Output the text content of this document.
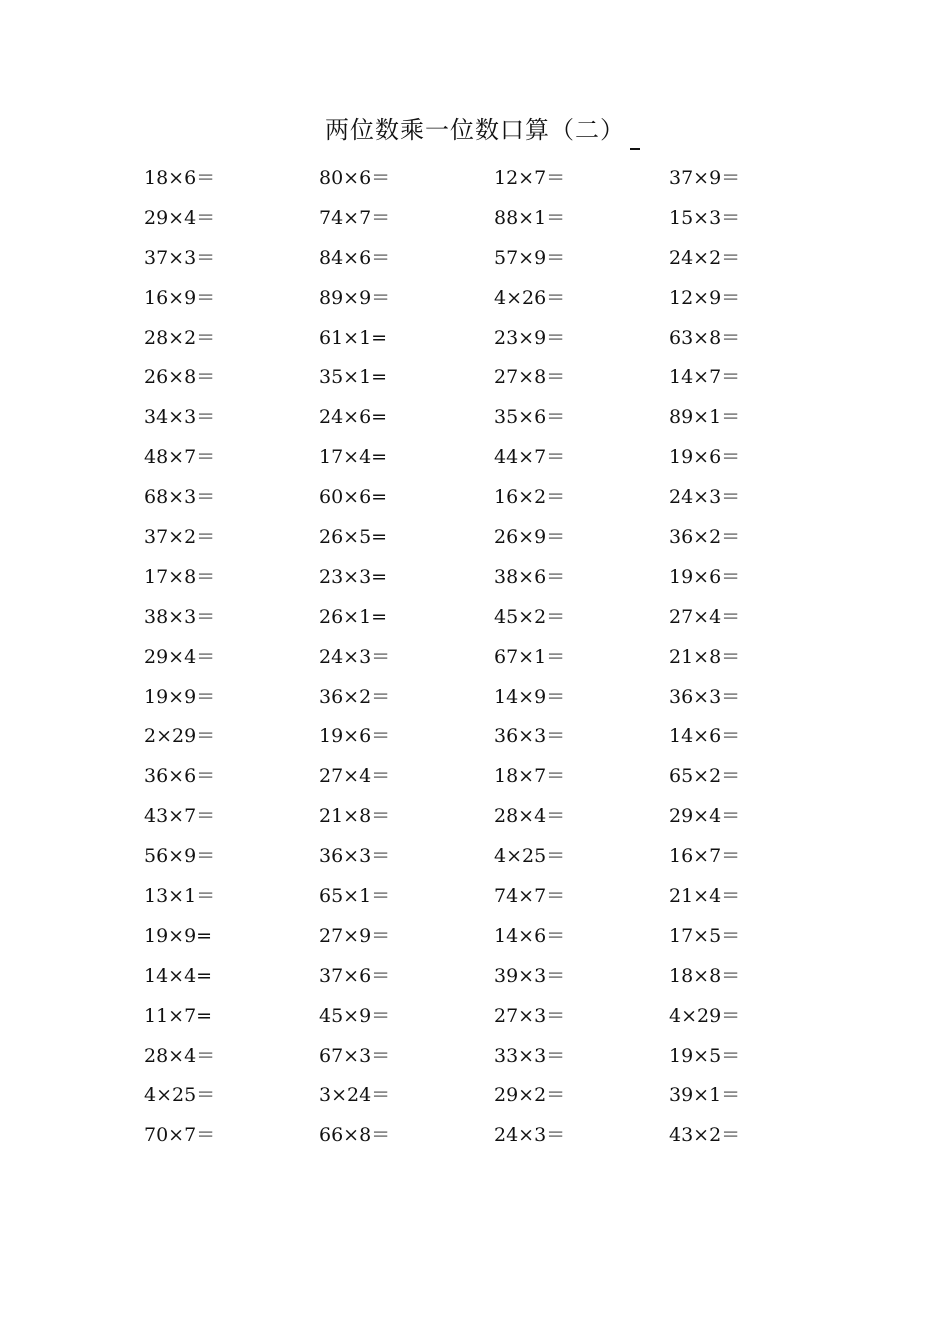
两位数乘一位数口算（二）
18×6＝	80×6＝	12×7＝	37×9＝
29×4＝	74×7＝	88×1＝	15×3＝
37×3＝	84×6＝	57×9＝	24×2＝
16×9＝	89×9＝	4×26＝	12×9＝
28×2＝	61×1=	23×9＝	63×8＝
26×8＝	35×1=	27×8＝	14×7＝
34×3＝	24×6=	35×6＝	89×1＝
48×7＝	17×4=	44×7＝	19×6＝
68×3＝	60×6=	16×2＝	24×3＝
37×2＝	26×5=	26×9＝	36×2＝
17×8＝	23×3=	38×6＝	19×6＝
38×3＝	26×1=	45×2＝	27×4＝
29×4＝	24×3＝	67×1＝	21×8＝
19×9＝	36×2＝	14×9＝	36×3＝
2×29＝	19×6＝	36×3＝	14×6＝
36×6＝	27×4＝	18×7＝	65×2＝
43×7＝	21×8＝	28×4＝	29×4＝
56×9＝	36×3＝	4×25＝	16×7＝
13×1＝	65×1＝	74×7＝	21×4＝
19×9=	27×9＝	14×6＝	17×5＝
14×4=	37×6＝	39×3＝	18×8＝
11×7=	45×9＝	27×3＝	4×29＝
28×4＝	67×3＝	33×3＝	19×5＝
4×25＝	3×24＝	29×2＝	39×1＝
70×7＝	66×8＝	24×3＝	43×2＝
